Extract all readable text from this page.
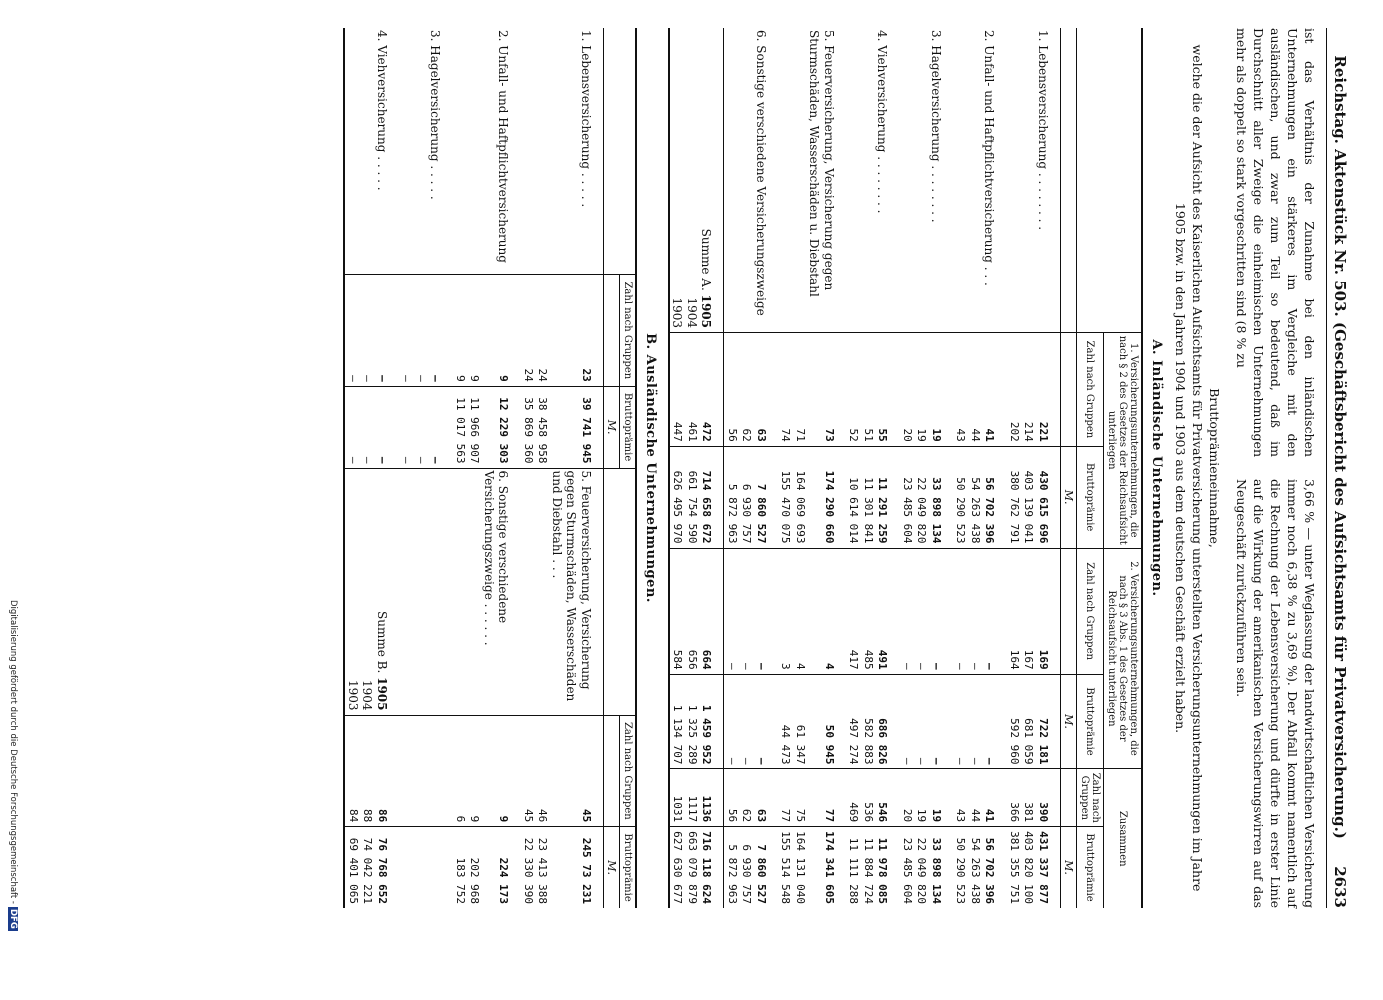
Reichstag. Aktenstück Nr. 503. (Geschäftsbericht des Aufsichtsamts für Privatversicherung.)
2633

ist das Verhältnis der Zunahme bei den inländischen Unternehmungen ein stärkeres im Vergleiche mit den ausländischen, und zwar zum Teil so bedeutend, daß im Durchschnitt aller Zweige die einheimischen Unternehmungen mehr als doppelt so stark vorgeschritten sind (8 % zu

3,66 % — unter Weglassung der landwirtschaftlichen Versicherung immer noch 6,38 % zu 3,69 %). Der Abfall kommt namentlich auf die Rechnung der Lebensversicherung und dürfte in erster Linie auf die Wirkung der amerikanischen Versicherungswirren auf das Neugeschäft zurückzuführen sein.

Bruttoprämieneinnahme,
welche die der Aufsicht des Kaiserlichen Aufsichtsamts für Privatversicherung unterstellten Versicherungsunternehmungen im Jahre 1905 bzw. in den Jahren 1904 und 1903 aus dem deutschen Geschäft erzielt haben.
A. Inländische Unternehmungen.
	1. Versicherungsunternehmungen, die nach § 2 des Gesetzes der Reichsaufsicht unterliegen		2. Versicherungsunternehmungen, die nach § 3 Abs. 1 des Gesetzes der Reichsaufsicht unterliegen		Zusammen	
	Zahl nach Gruppen	Bruttoprämie	Zahl nach Gruppen	Bruttoprämie	Zahl nach Gruppen	Bruttoprämie
		M.		M.		M.
1. Lebensversicherung . . . . . . . .	221	430 615 696	169	722 181	390	431 337 877
	214	403 139 041	167	681 059	381	403 820 100
	202	380 762 791	164	592 960	366	381 355 751
2. Unfall- und Haftpflichtversicherung . . .	41	56 702 396	—	—	41	56 702 396
	44	54 263 438	—	—	44	54 263 438
	43	50 290 523	—	—	43	50 290 523
3. Hagelversicherung . . . . . . . .	19	33 898 134	—	—	19	33 898 134
	19	22 049 820	—	—	19	22 049 820
	20	23 485 604	—	—	20	23 485 604
4. Viehversicherung . . . . . . . .	55	11 291 259	491	686 826	546	11 978 085
	51	11 301 841	485	582 883	536	11 884 724
	52	10 614 014	417	497 274	469	11 111 288
5. Feuerversicherung, Versicherung gegen Sturmschäden, Wasserschäden u. Diebstahl	73	174 290 660	4	50 945	77	174 341 605
	71	164 069 693	4	61 347	75	164 131 040
	74	155 470 075	3	44 473	77	155 514 548
6. Sonstige verschiedene Versicherungszweige	63	7 860 527	—	—	63	7 860 527
	62	6 930 757	—	—	62	6 930 757
	56	5 872 963	—	—	56	5 872 963
Summe A. 1905	472	714 658 672	664	1 459 952	1136	716 118 624
1904	461	661 754 590	656	1 325 289	1117	663 079 879
1903	447	626 495 970	584	1 134 707	1031	627 630 677
B. Ausländische Unternehmungen.
	Zahl nach Gruppen	Bruttoprämie		Zahl nach Gruppen	Bruttoprämie
		M.			M.
1. Lebensversicherung . . . . .	23	39 741 945	5. Feuerversicherung, Versicherung gegen Sturmschäden, Wasserschäden und Diebstahl . . .	45	245 73 231
	24	38 458 958		46	23 413 388
	24	35 869 360		45	22 330 390
2. Unfall- und Haftpflichtversicherung	9	12 229 303	6. Sonstige verschiedene Versicherungszweige . . . . . .	9	224 173
	9	11 966 907		9	202 968
	9	11 017 563		6	183 752
3. Hagelversicherung . . . . .	—	—			
	—	—			
	—	—			
4. Viehversicherung . . . . .	—	—	Summe B. 1905	86	76 768 652
	—	—	1904	88	74 042 221
	—	—	1903	84	69 401 065
Digitalisierung gefördert durch die Deutsche Forschungsgemeinschaft -DFG
